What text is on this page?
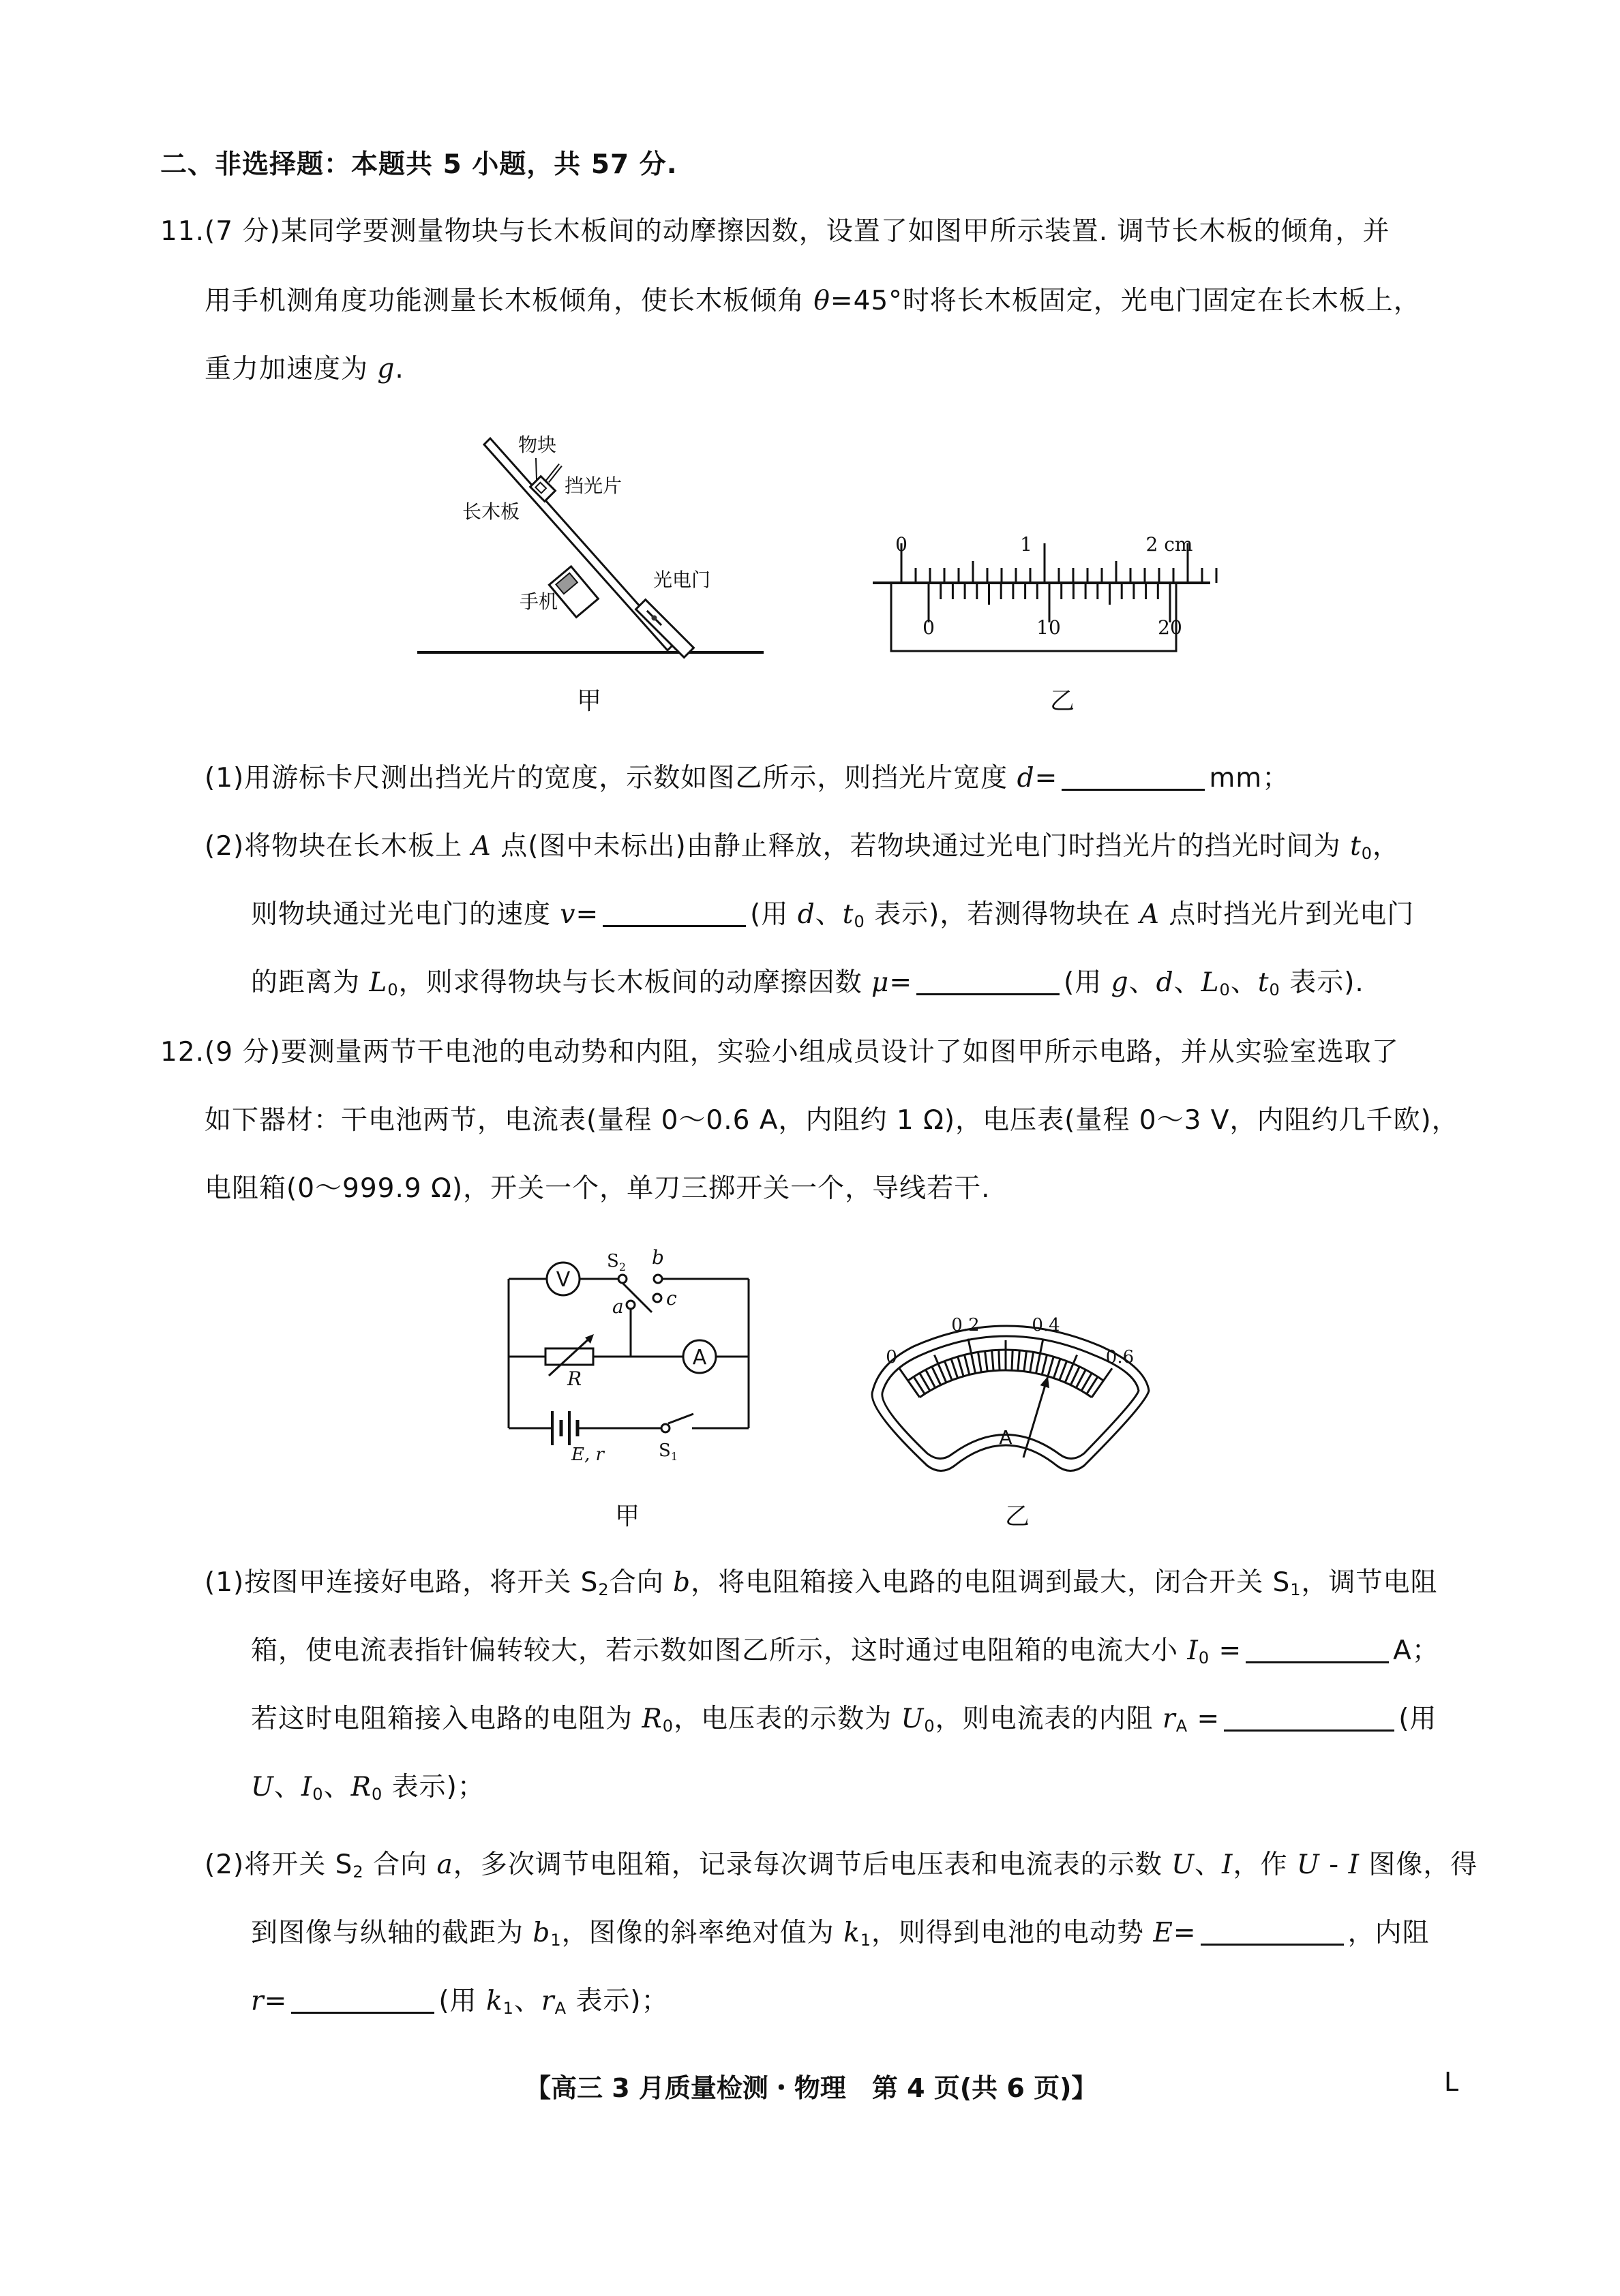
二、非选择题：本题共 5 小题，共 57 分.
11.(7 分)某同学要测量物块与长木板间的动摩擦因数，设置了如图甲所示装置. 调节长木板的倾角，并
用手机测角度功能测量长木板倾角，使长木板倾角 θ=45°时将长木板固定，光电门固定在长木板上，
重力加速度为 g.
物块
挡光片
长木板
手机
光电门
甲
0	1	2 cm
0	10	20
乙
(1)用游标卡尺测出挡光片的宽度，示数如图乙所示，则挡光片宽度 d=	mm；
(2)将物块在长木板上 A 点(图中未标出)由静止释放，若物块通过光电门时挡光片的挡光时间为 $t_0$，
则物块通过光电门的速度 v=	(用 d、$t_0$ 表示)，若测得物块在 A 点时挡光片到光电门
的距离为 $L_0$，则求得物块与长木板间的动摩擦因数 μ=	(用 g、d、$L_0$、$t_0$ 表示).
12.(9 分)要测量两节干电池的电动势和内阻，实验小组成员设计了如图甲所示电路，并从实验室选取了
如下器材：干电池两节，电流表(量程 0～0.6 A，内阻约 1 Ω)，电压表(量程 0～3 V，内阻约几千欧)，
电阻箱(0～999.9 Ω)，开关一个，单刀三掷开关一个，导线若干.
V
A
$S_2$ b
c
a
R
E, r	$S_1$
甲
0
0.2	0.4
0.6
A
乙
(1)按图甲连接好电路，将开关 $S_2$合向 b，将电阻箱接入电路的电阻调到最大，闭合开关 $S_1$，调节电阻
箱，使电流表指针偏转较大，若示数如图乙所示，这时通过电阻箱的电流大小 $I_0$ =	A；
若这时电阻箱接入电路的电阻为 $R_0$，电压表的示数为 $U_0$，则电流表的内阻 $r_A$ =	(用
U、$I_0$、$R_0$ 表示)；
(2)将开关 $S_2$ 合向 a，多次调节电阻箱，记录每次调节后电压表和电流表的示数 U、I，作 U - I 图像，得
到图像与纵轴的截距为 $b_1$，图像的斜率绝对值为 $k_1$，则得到电池的电动势 E=	，内阻
r=	(用 $k_1$、$r_A$ 表示)；
【高三 3 月质量检测・物理　第 4 页(共 6 页)】	L
